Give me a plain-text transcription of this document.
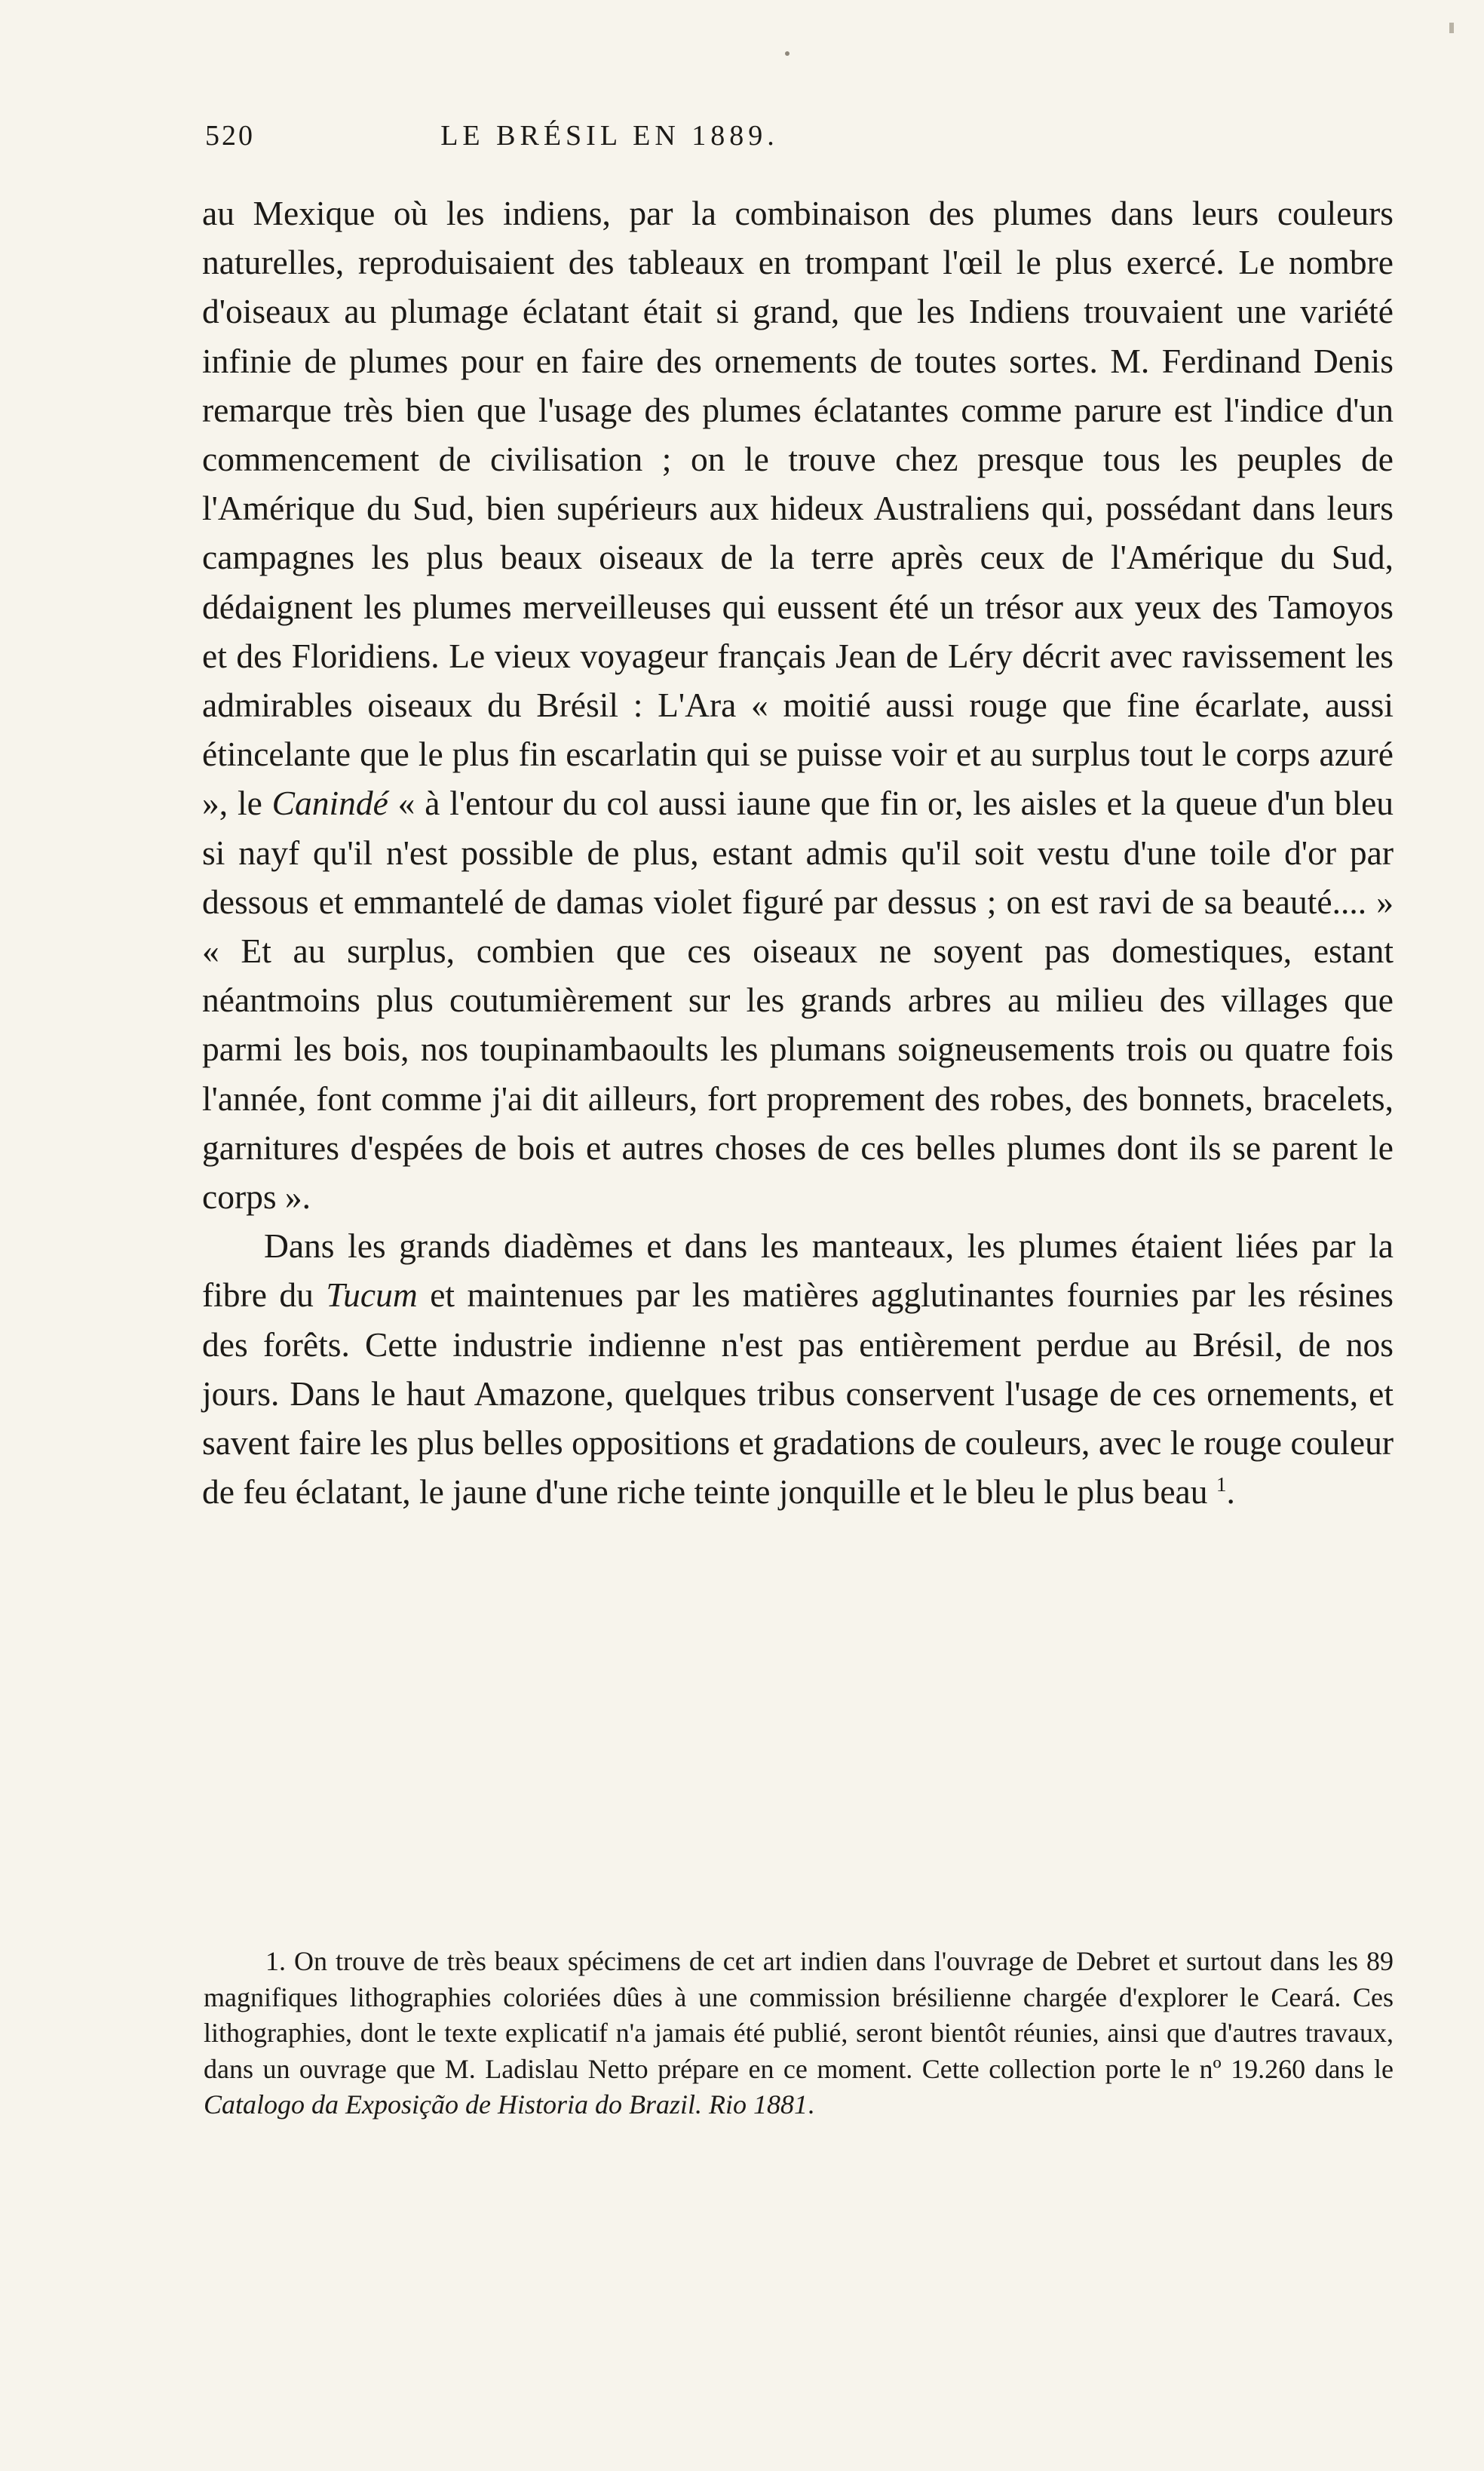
520	LE BRÉSIL EN 1889.

au Mexique où les indiens, par la combinaison des plumes dans leurs couleurs naturelles, reproduisaient des tableaux en trompant l'œil le plus exercé. Le nombre d'oiseaux au plumage éclatant était si grand, que les Indiens trouvaient une variété infinie de plumes pour en faire des ornements de toutes sortes. M. Ferdinand Denis remarque très bien que l'usage des plumes éclatantes comme parure est l'indice d'un commencement de civilisation ; on le trouve chez presque tous les peuples de l'Amérique du Sud, bien supérieurs aux hideux Australiens qui, possédant dans leurs campagnes les plus beaux oiseaux de la terre après ceux de l'Amérique du Sud, dédaignent les plumes merveilleuses qui eussent été un trésor aux yeux des Tamoyos et des Floridiens. Le vieux voyageur français Jean de Léry décrit avec ravissement les admirables oiseaux du Brésil : L'Ara « moitié aussi rouge que fine écarlate, aussi étincelante que le plus fin escarlatin qui se puisse voir et au surplus tout le corps azuré », le Canindé « à l'entour du col aussi iaune que fin or, les aisles et la queue d'un bleu si nayf qu'il n'est possible de plus, estant admis qu'il soit vestu d'une toile d'or par dessous et emmantelé de damas violet figuré par dessus ; on est ravi de sa beauté.... » « Et au surplus, combien que ces oiseaux ne soyent pas domestiques, estant néantmoins plus coutumièrement sur les grands arbres au milieu des villages que parmi les bois, nos toupinambaoults les plumans soigneusements trois ou quatre fois l'année, font comme j'ai dit ailleurs, fort proprement des robes, des bonnets, bracelets, garnitures d'espées de bois et autres choses de ces belles plumes dont ils se parent le corps ».

Dans les grands diadèmes et dans les manteaux, les plumes étaient liées par la fibre du Tucum et maintenues par les matières agglutinantes fournies par les résines des forêts. Cette industrie indienne n'est pas entièrement perdue au Brésil, de nos jours. Dans le haut Amazone, quelques tribus conservent l'usage de ces ornements, et savent faire les plus belles oppositions et gradations de couleurs, avec le rouge couleur de feu éclatant, le jaune d'une riche teinte jonquille et le bleu le plus beau $^1$.

1. On trouve de très beaux spécimens de cet art indien dans l'ouvrage de Debret et surtout dans les 89 magnifiques lithographies coloriées dûes à une commission brésilienne chargée d'explorer le Ceará. Ces lithographies, dont le texte explicatif n'a jamais été publié, seront bientôt réunies, ainsi que d'autres travaux, dans un ouvrage que M. Ladislau Netto prépare en ce moment. Cette collection porte le nº 19.260 dans le Catalogo da Exposição de Historia do Brazil. Rio 1881.
